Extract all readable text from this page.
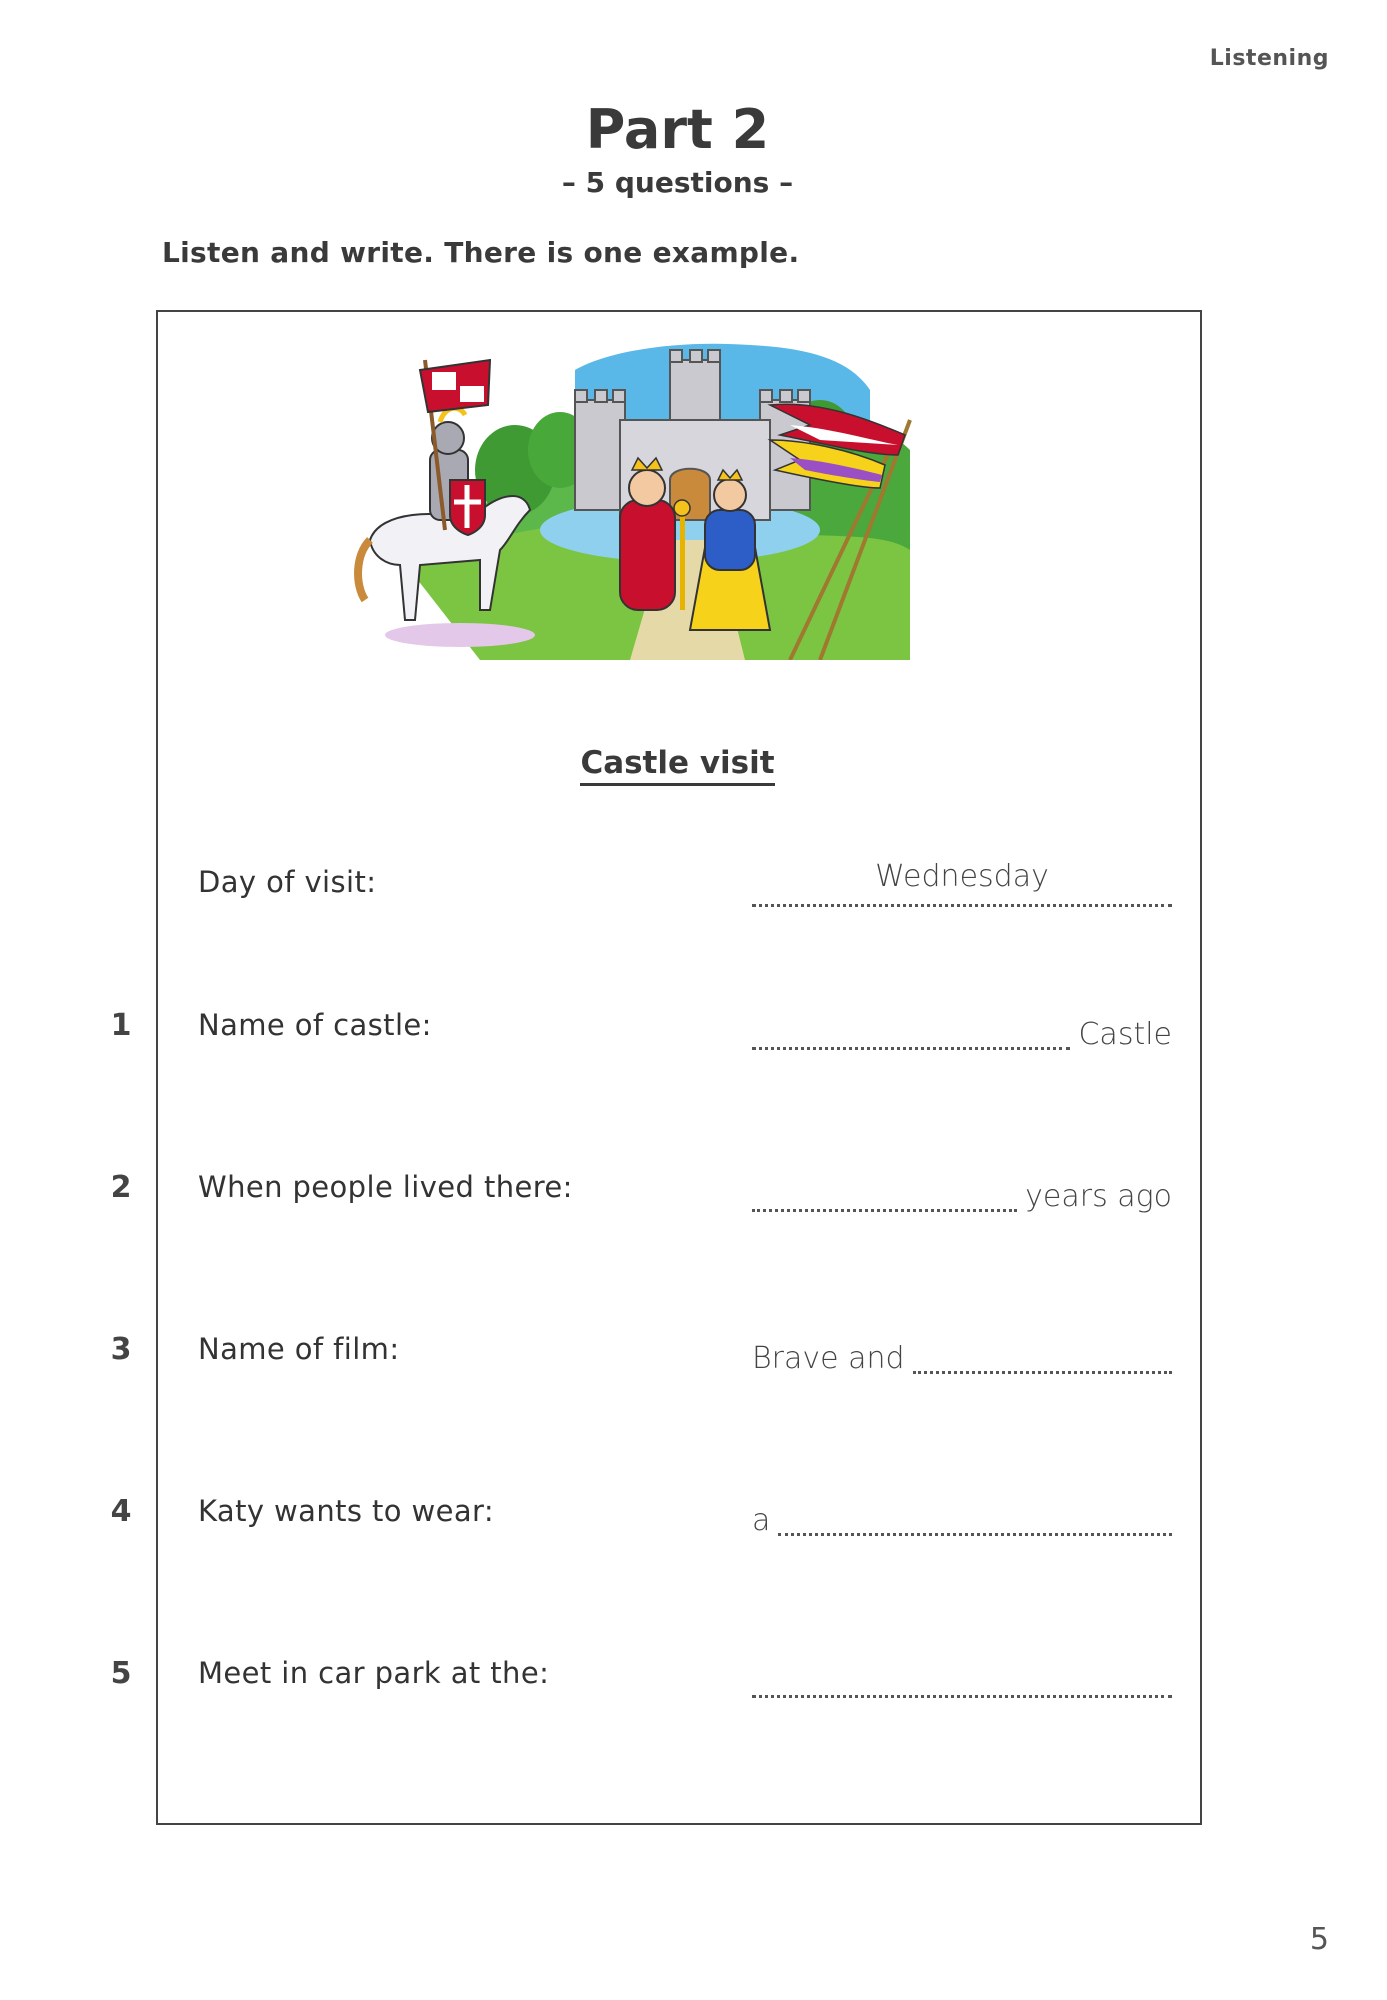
Listening
Part 2
– 5 questions –
Listen and write. There is one example.
Castle visit
Day of visit:	Wednesday
1 Name of castle:	Castle
2 When people lived there:	years ago
3 Name of film:	Brave and
4 Katy wants to wear:	a
5 Meet in car park at the:
5
